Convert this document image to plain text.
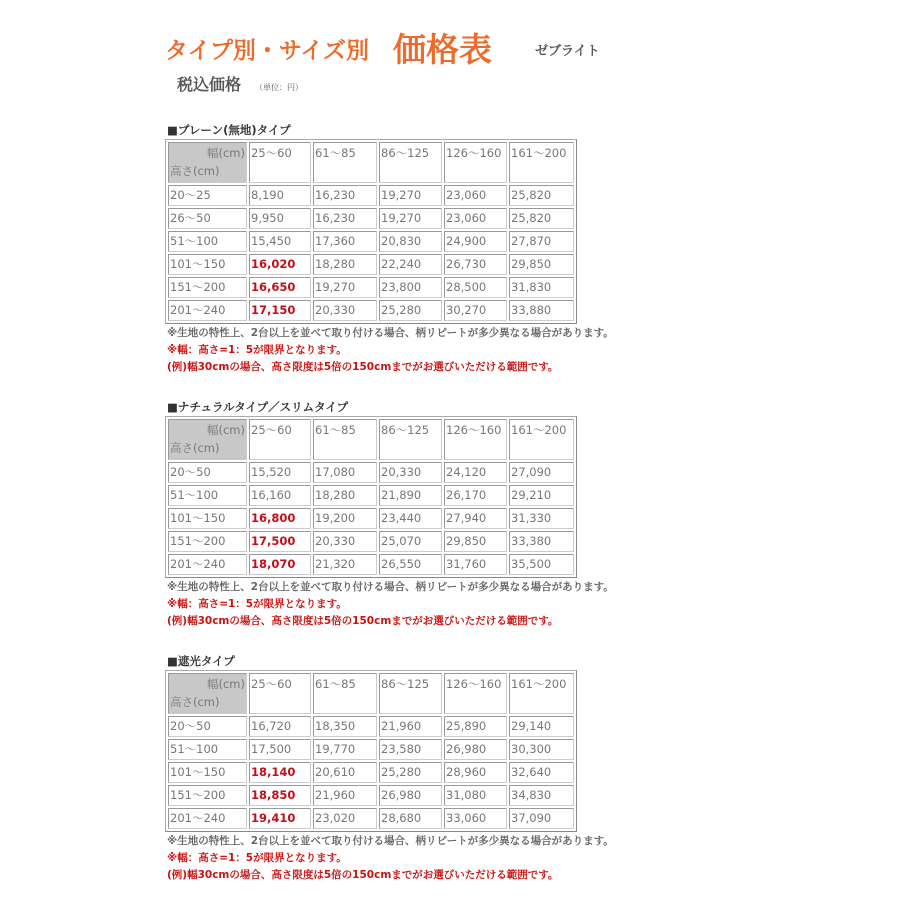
タイプ別・サイズ別 価格表	ゼブライト
税込価格 （単位：円）
■プレーン(無地)タイプ
幅(cm)
高さ(cm)	25〜60	61〜85	86〜125	126〜160	161〜200
20〜25	8,190	16,230	19,270	23,060	25,820
26〜50	9,950	16,230	19,270	23,060	25,820
51〜100	15,450	17,360	20,830	24,900	27,870
101〜150	16,020	18,280	22,240	26,730	29,850
151〜200	16,650	19,270	23,800	28,500	31,830
201〜240	17,150	20,330	25,280	30,270	33,880
※生地の特性上、2台以上を並べて取り付ける場合、柄リピートが多少異なる場合があります。
※幅：高さ=1：5が限界となります。
(例)幅30cmの場合、高さ限度は5倍の150cmまでがお選びいただける範囲です。
■ナチュラルタイプ／スリムタイプ
幅(cm)
高さ(cm)	25〜60	61〜85	86〜125	126〜160	161〜200
20〜50	15,520	17,080	20,330	24,120	27,090
51〜100	16,160	18,280	21,890	26,170	29,210
101〜150	16,800	19,200	23,440	27,940	31,330
151〜200	17,500	20,330	25,070	29,850	33,380
201〜240	18,070	21,320	26,550	31,760	35,500
※生地の特性上、2台以上を並べて取り付ける場合、柄リピートが多少異なる場合があります。
※幅：高さ=1：5が限界となります。
(例)幅30cmの場合、高さ限度は5倍の150cmまでがお選びいただける範囲です。
■遮光タイプ
幅(cm)
高さ(cm)	25〜60	61〜85	86〜125	126〜160	161〜200
20〜50	16,720	18,350	21,960	25,890	29,140
51〜100	17,500	19,770	23,580	26,980	30,300
101〜150	18,140	20,610	25,280	28,960	32,640
151〜200	18,850	21,960	26,980	31,080	34,830
201〜240	19,410	23,020	28,680	33,060	37,090
※生地の特性上、2台以上を並べて取り付ける場合、柄リピートが多少異なる場合があります。
※幅：高さ=1：5が限界となります。
(例)幅30cmの場合、高さ限度は5倍の150cmまでがお選びいただける範囲です。
